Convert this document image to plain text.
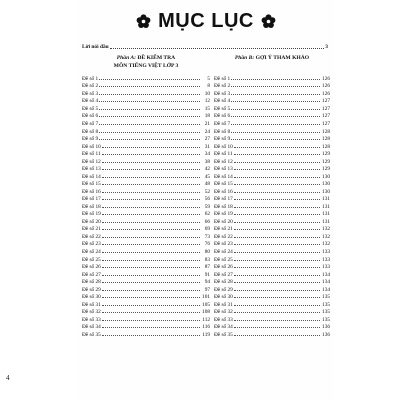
MỤC LỤC
Lời nói đầu	3
Phần A: ĐỀ KIỂM TRA
MÔN TIẾNG VIỆT LỚP 3
Phần B: GỢI Ý THAM KHẢO
Đề số 1	5 Đề số 1	126
Đề số 2	8 Đề số 2	126
Đề số 3	10 Đề số 3	126
Đề số 4	12 Đề số 4	127
Đề số 5	15 Đề số 5	127
Đề số 6	18 Đề số 6	127
Đề số 7	21 Đề số 7	127
Đề số 8	24 Đề số 8	128
Đề số 9	27 Đề số 9	128
Đề số 10	31 Đề số 10	128
Đề số 11	34 Đề số 11	129
Đề số 12	38 Đề số 12	129
Đề số 13	42 Đề số 13	129
Đề số 14	45 Đề số 14	130
Đề số 15	48 Đề số 15	130
Đề số 16	52 Đề số 16	130
Đề số 17	56 Đề số 17	131
Đề số 18	59 Đề số 18	131
Đề số 19	62 Đề số 19	131
Đề số 20	66 Đề số 20	131
Đề số 21	69 Đề số 21	132
Đề số 22	73 Đề số 22	132
Đề số 23	76 Đề số 23	132
Đề số 24	80 Đề số 24	133
Đề số 25	83 Đề số 25	133
Đề số 26	87 Đề số 26	133
Đề số 27	91 Đề số 27	134
Đề số 28	94 Đề số 28	134
Đề số 29	97 Đề số 29	134
Đề số 30	101 Đề số 30	135
Đề số 31	105 Đề số 31	135
Đề số 32	108 Đề số 32	135
Đề số 33	112 Đề số 33	135
Đề số 34	116 Đề số 34	136
Đề số 35	119 Đề số 35	136
4
